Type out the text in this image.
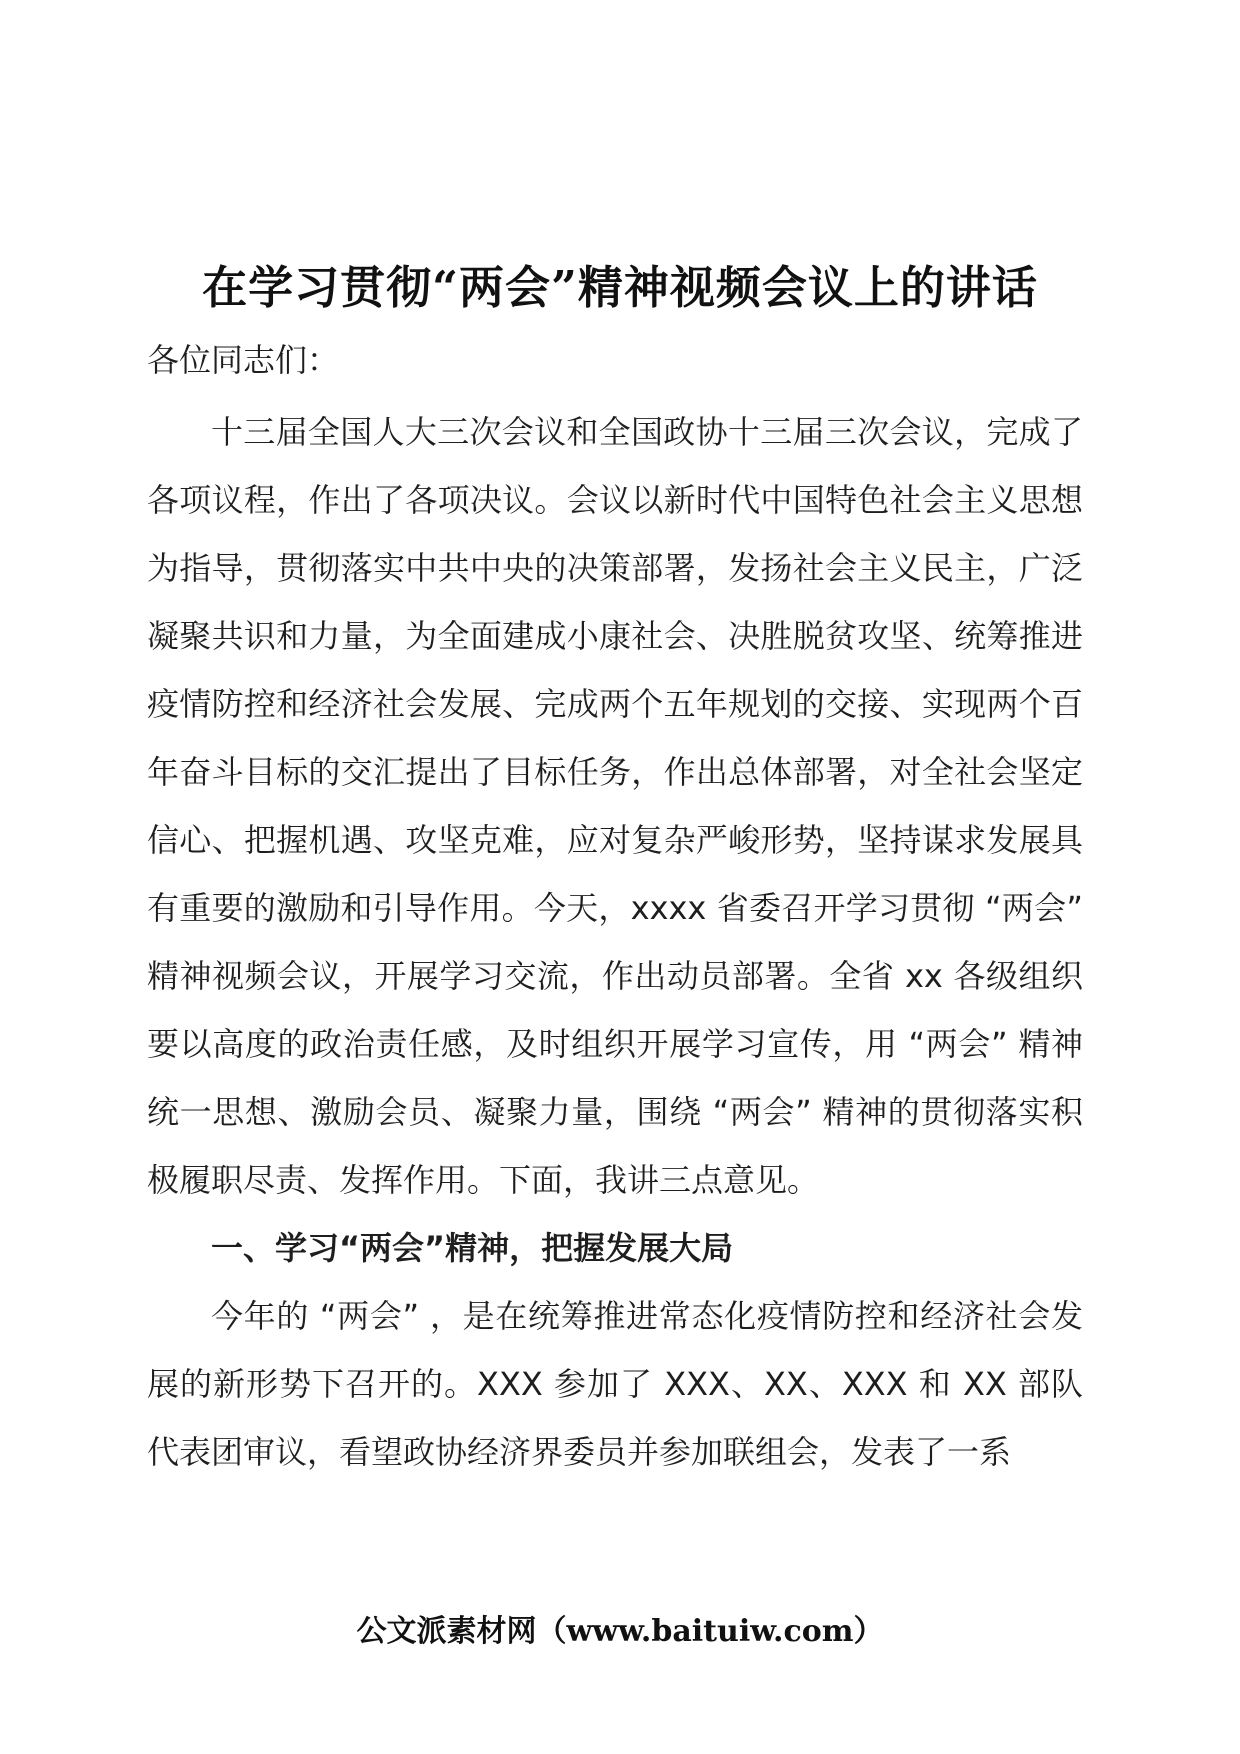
在学习贯彻“两会”精神视频会议上的讲话

各位同志们：

十三届全国人大三次会议和全国政协十三届三次会议，完成了各项议程，作出了各项决议。会议以新时代中国特色社会主义思想为指导，贯彻落实中共中央的决策部署，发扬社会主义民主，广泛凝聚共识和力量，为全面建成小康社会、决胜脱贫攻坚、统筹推进疫情防控和经济社会发展、完成两个五年规划的交接、实现两个百年奋斗目标的交汇提出了目标任务，作出总体部署，对全社会坚定信心、把握机遇、攻坚克难，应对复杂严峻形势，坚持谋求发展具有重要的激励和引导作用。今天，xxxx 省委召开学习贯彻 “两会” 精神视频会议，开展学习交流，作出动员部署。全省 xx 各级组织要以高度的政治责任感，及时组织开展学习宣传，用 “两会” 精神统一思想、激励会员、凝聚力量，围绕 “两会” 精神的贯彻落实积极履职尽责、发挥作用。下面，我讲三点意见。

一、学习“两会”精神，把握发展大局

今年的 “两会” ，是在统筹推进常态化疫情防控和经济社会发展的新形势下召开的。XXX 参加了 XXX、XX、XXX 和 XX 部队代表团审议，看望政协经济界委员并参加联组会，发表了一系

公文派素材网（www.baituiw.com）
